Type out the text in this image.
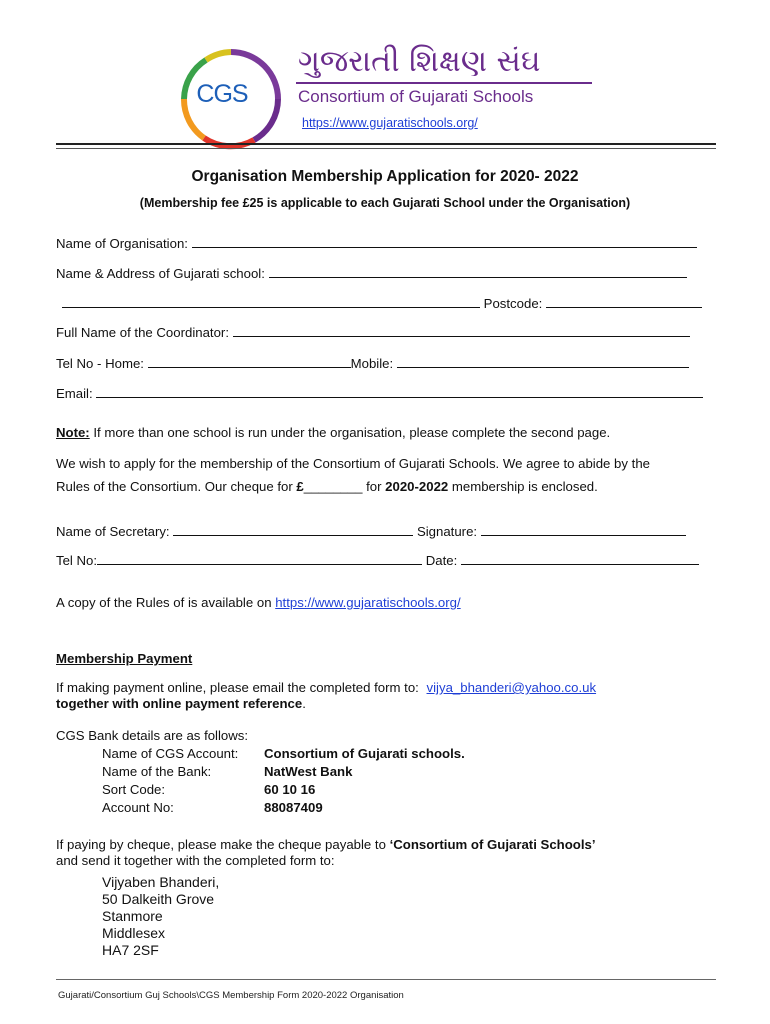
CGS
ગુજરાતી શિક્ષણ સંઘ
Consortium of Gujarati Schools
https://www.gujaratischools.org/
Organisation Membership Application for 2020- 2022
(Membership fee £25 is applicable to each Gujarati School under the Organisation)
Name of Organisation:
Name & Address of Gujarati school:
Postcode:
Full Name of the Coordinator:
Tel No - Home:	Mobile:
Email:
Note: If more than one school is run under the organisation, please complete the second page.
We wish to apply for the membership of the Consortium of Gujarati Schools. We agree to abide by the
Rules of the Consortium. Our cheque for £________ for 2020-2022 membership is enclosed.
Name of Secretary:	Signature:
Tel No:	Date:
A copy of the Rules of is available on https://www.gujaratischools.org/
Membership Payment
If making payment online, please email the completed form to: vijya_bhanderi@yahoo.co.uk
together with online payment reference.
CGS Bank details are as follows:
Name of CGS Account: Consortium of Gujarati schools.
Name of the Bank:	NatWest Bank
Sort Code:	60 10 16
Account No:	88087409
If paying by cheque, please make the cheque payable to ‘Consortium of Gujarati Schools’
and send it together with the completed form to:
Vijyaben Bhanderi,
50 Dalkeith Grove
Stanmore
Middlesex
HA7 2SF
Gujarati/Consortium Guj Schools\CGS Membership Form 2020-2022 Organisation
